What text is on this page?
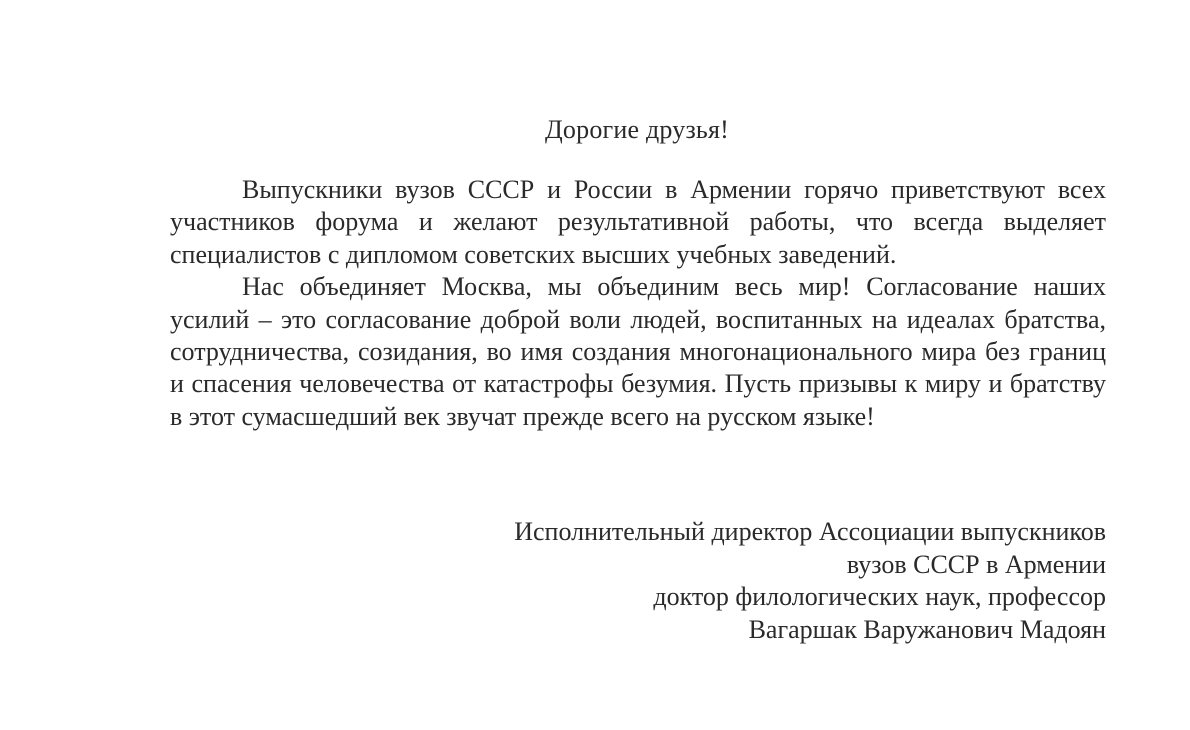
Дорогие друзья!

Выпускники вузов СССР и России в Армении горячо приветствуют всех участников форума и желают результативной работы, что всегда выделяет специалистов с дипломом советских высших учебных заведений.

Нас объединяет Москва, мы объединим весь мир! Согласование наших усилий – это согласование доброй воли людей, воспитанных на идеалах братства, сотрудничества, созидания, во имя создания многонационального мира без границ и спасения человечества от катастрофы безумия. Пусть призывы к миру и братству в этот сумасшедший век звучат прежде всего на русском языке!

Исполнительный директор Ассоциации выпускников
вузов СССР в Армении
доктор филологических наук, профессор
Вагаршак Варужанович Мадоян
